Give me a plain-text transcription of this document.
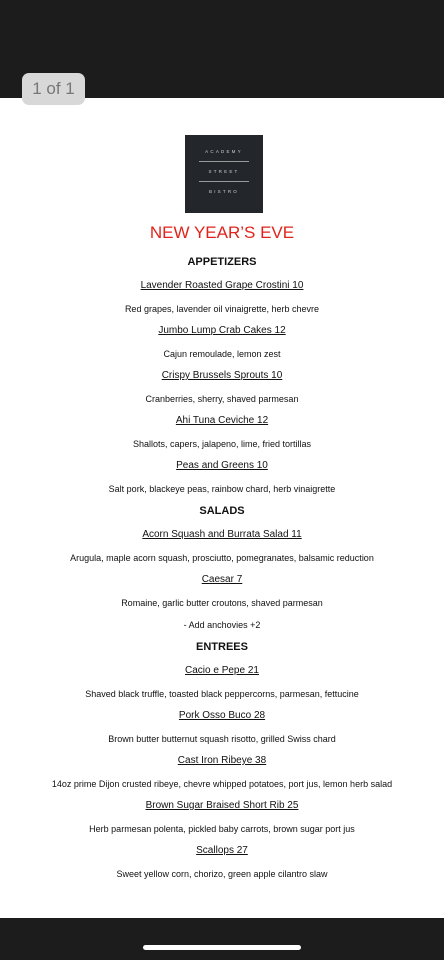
1 of 1
ACADEMY
STREET
BISTRO
NEW YEAR’S EVE
APPETIZERS
Lavender Roasted Grape Crostini 10
Red grapes, lavender oil vinaigrette, herb chevre
Jumbo Lump Crab Cakes 12
Cajun remoulade, lemon zest
Crispy Brussels Sprouts 10
Cranberries, sherry, shaved parmesan
Ahi Tuna Ceviche 12
Shallots, capers, jalapeno, lime, fried tortillas
Peas and Greens 10
Salt pork, blackeye peas, rainbow chard, herb vinaigrette
SALADS
Acorn Squash and Burrata Salad 11
Arugula, maple acorn squash, prosciutto, pomegranates, balsamic reduction
Caesar 7
Romaine, garlic butter croutons, shaved parmesan
- Add anchovies +2
ENTREES
Cacio e Pepe 21
Shaved black truffle, toasted black peppercorns, parmesan, fettucine
Pork Osso Buco 28
Brown butter butternut squash risotto, grilled Swiss chard
Cast Iron Ribeye 38
14oz prime Dijon crusted ribeye, chevre whipped potatoes, port jus, lemon herb salad
Brown Sugar Braised Short Rib 25
Herb parmesan polenta, pickled baby carrots, brown sugar port jus
Scallops 27
Sweet yellow corn, chorizo, green apple cilantro slaw
